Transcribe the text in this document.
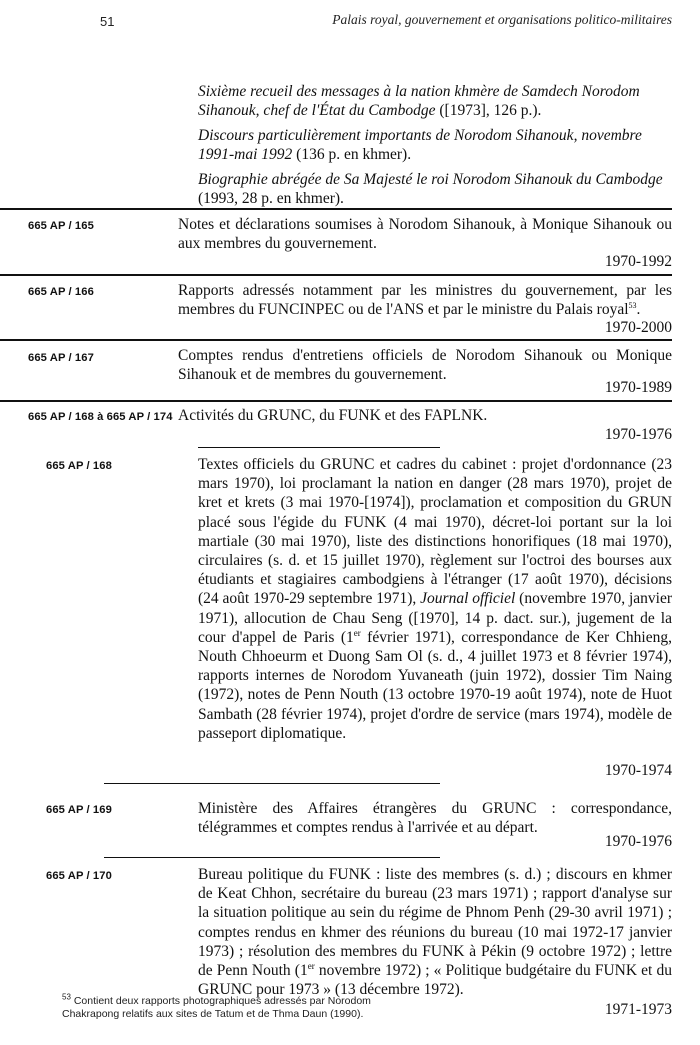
51	Palais royal, gouvernement et organisations politico-militaires

Sixième recueil des messages à la nation khmère de Samdech Norodom Sihanouk, chef de l'État du Cambodge ([1973], 126 p.).

Discours particulièrement importants de Norodom Sihanouk, novembre 1991-mai 1992 (136 p. en khmer).

Biographie abrégée de Sa Majesté le roi Norodom Sihanouk du Cambodge (1993, 28 p. en khmer).

665 AP / 165	Notes et déclarations soumises à Norodom Sihanouk, à Monique Sihanouk ou aux membres du gouvernement.
1970-1992
665 AP / 166	Rapports adressés notamment par les ministres du gouvernement, par les membres du FUNCINPEC ou de l'ANS et par le ministre du Palais royal$^{53}$.
1970-2000
665 AP / 167	Comptes rendus d'entretiens officiels de Norodom Sihanouk ou Monique Sihanouk et de membres du gouvernement.
1970-1989
665 AP / 168 à 665 AP / 174 Activités du GRUNC, du FUNK et des FAPLNK.
1970-1976
665 AP / 168	Textes officiels du GRUNC et cadres du cabinet : projet d'ordonnance (23 mars 1970), loi proclamant la nation en danger (28 mars 1970), projet de kret et krets (3 mai 1970-[1974]), proclamation et composition du GRUN placé sous l'égide du FUNK (4 mai 1970), décret-loi portant sur la loi martiale (30 mai 1970), liste des distinctions honorifiques (18 mai 1970), circulaires (s. d. et 15 juillet 1970), règlement sur l'octroi des bourses aux étudiants et stagiaires cambodgiens à l'étranger (17 août 1970), décisions (24 août 1970-29 septembre 1971), Journal officiel (novembre 1970, janvier 1971), allocution de Chau Seng ([1970], 14 p. dact. sur.), jugement de la cour d'appel de Paris (1er février 1971), correspondance de Ker Chhieng, Nouth Chhoeurm et Duong Sam Ol (s. d., 4 juillet 1973 et 8 février 1974), rapports internes de Norodom Yuvaneath (juin 1972), dossier Tim Naing (1972), notes de Penn Nouth (13 octobre 1970-19 août 1974), note de Huot Sambath (28 février 1974), projet d'ordre de service (mars 1974), modèle de passeport diplomatique.
1970-1974
665 AP / 169	Ministère des Affaires étrangères du GRUNC : correspondance, télégrammes et comptes rendus à l'arrivée et au départ.
1970-1976
665 AP / 170	Bureau politique du FUNK : liste des membres (s. d.) ; discours en khmer de Keat Chhon, secrétaire du bureau (23 mars 1971) ; rapport d'analyse sur la situation politique au sein du régime de Phnom Penh (29-30 avril 1971) ; comptes rendus en khmer des réunions du bureau (10 mai 1972-17 janvier 1973) ; résolution des membres du FUNK à Pékin (9 octobre 1972) ; lettre de Penn Nouth (1er novembre 1972) ; « Politique budgétaire du FUNK et du GRUNC pour 1973 » (13 décembre 1972).
1971-1973
$^{53}$ Contient deux rapports photographiques adressés par Norodom Chakrapong relatifs aux sites de Tatum et de Thma Daun (1990).
